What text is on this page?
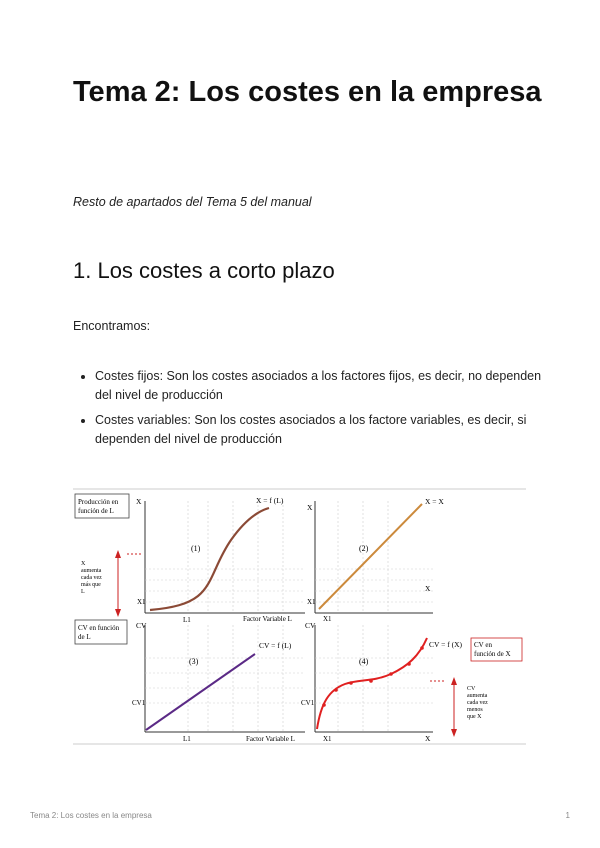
Tema 2: Los costes en la empresa

Resto de apartados del Tema 5 del manual

1. Los costes a corto plazo

Encontramos:

• Costes fijos: Son los costes asociados a los factores fijos, es decir, no dependen del nivel de producción
• Costes variables: Son los costes asociados a los factore variables, es decir, si dependen del nivel de producción
Producción en
función de L
X
aumenta
cada vez
más que
L
X
X1
L1	Factor Variable L
X = f (L)
(1)
X
X1
X1
X
X = X
(2)
CV en función
de L
CV
CV1
L1	Factor Variable L
CV = f (L)
(3)
CV
CV1
X1	X
CV = f (X)
(4)
CV en
función de X
CV
aumenta
cada vez
menos
que X
Tema 2: Los costes en la empresa	1
